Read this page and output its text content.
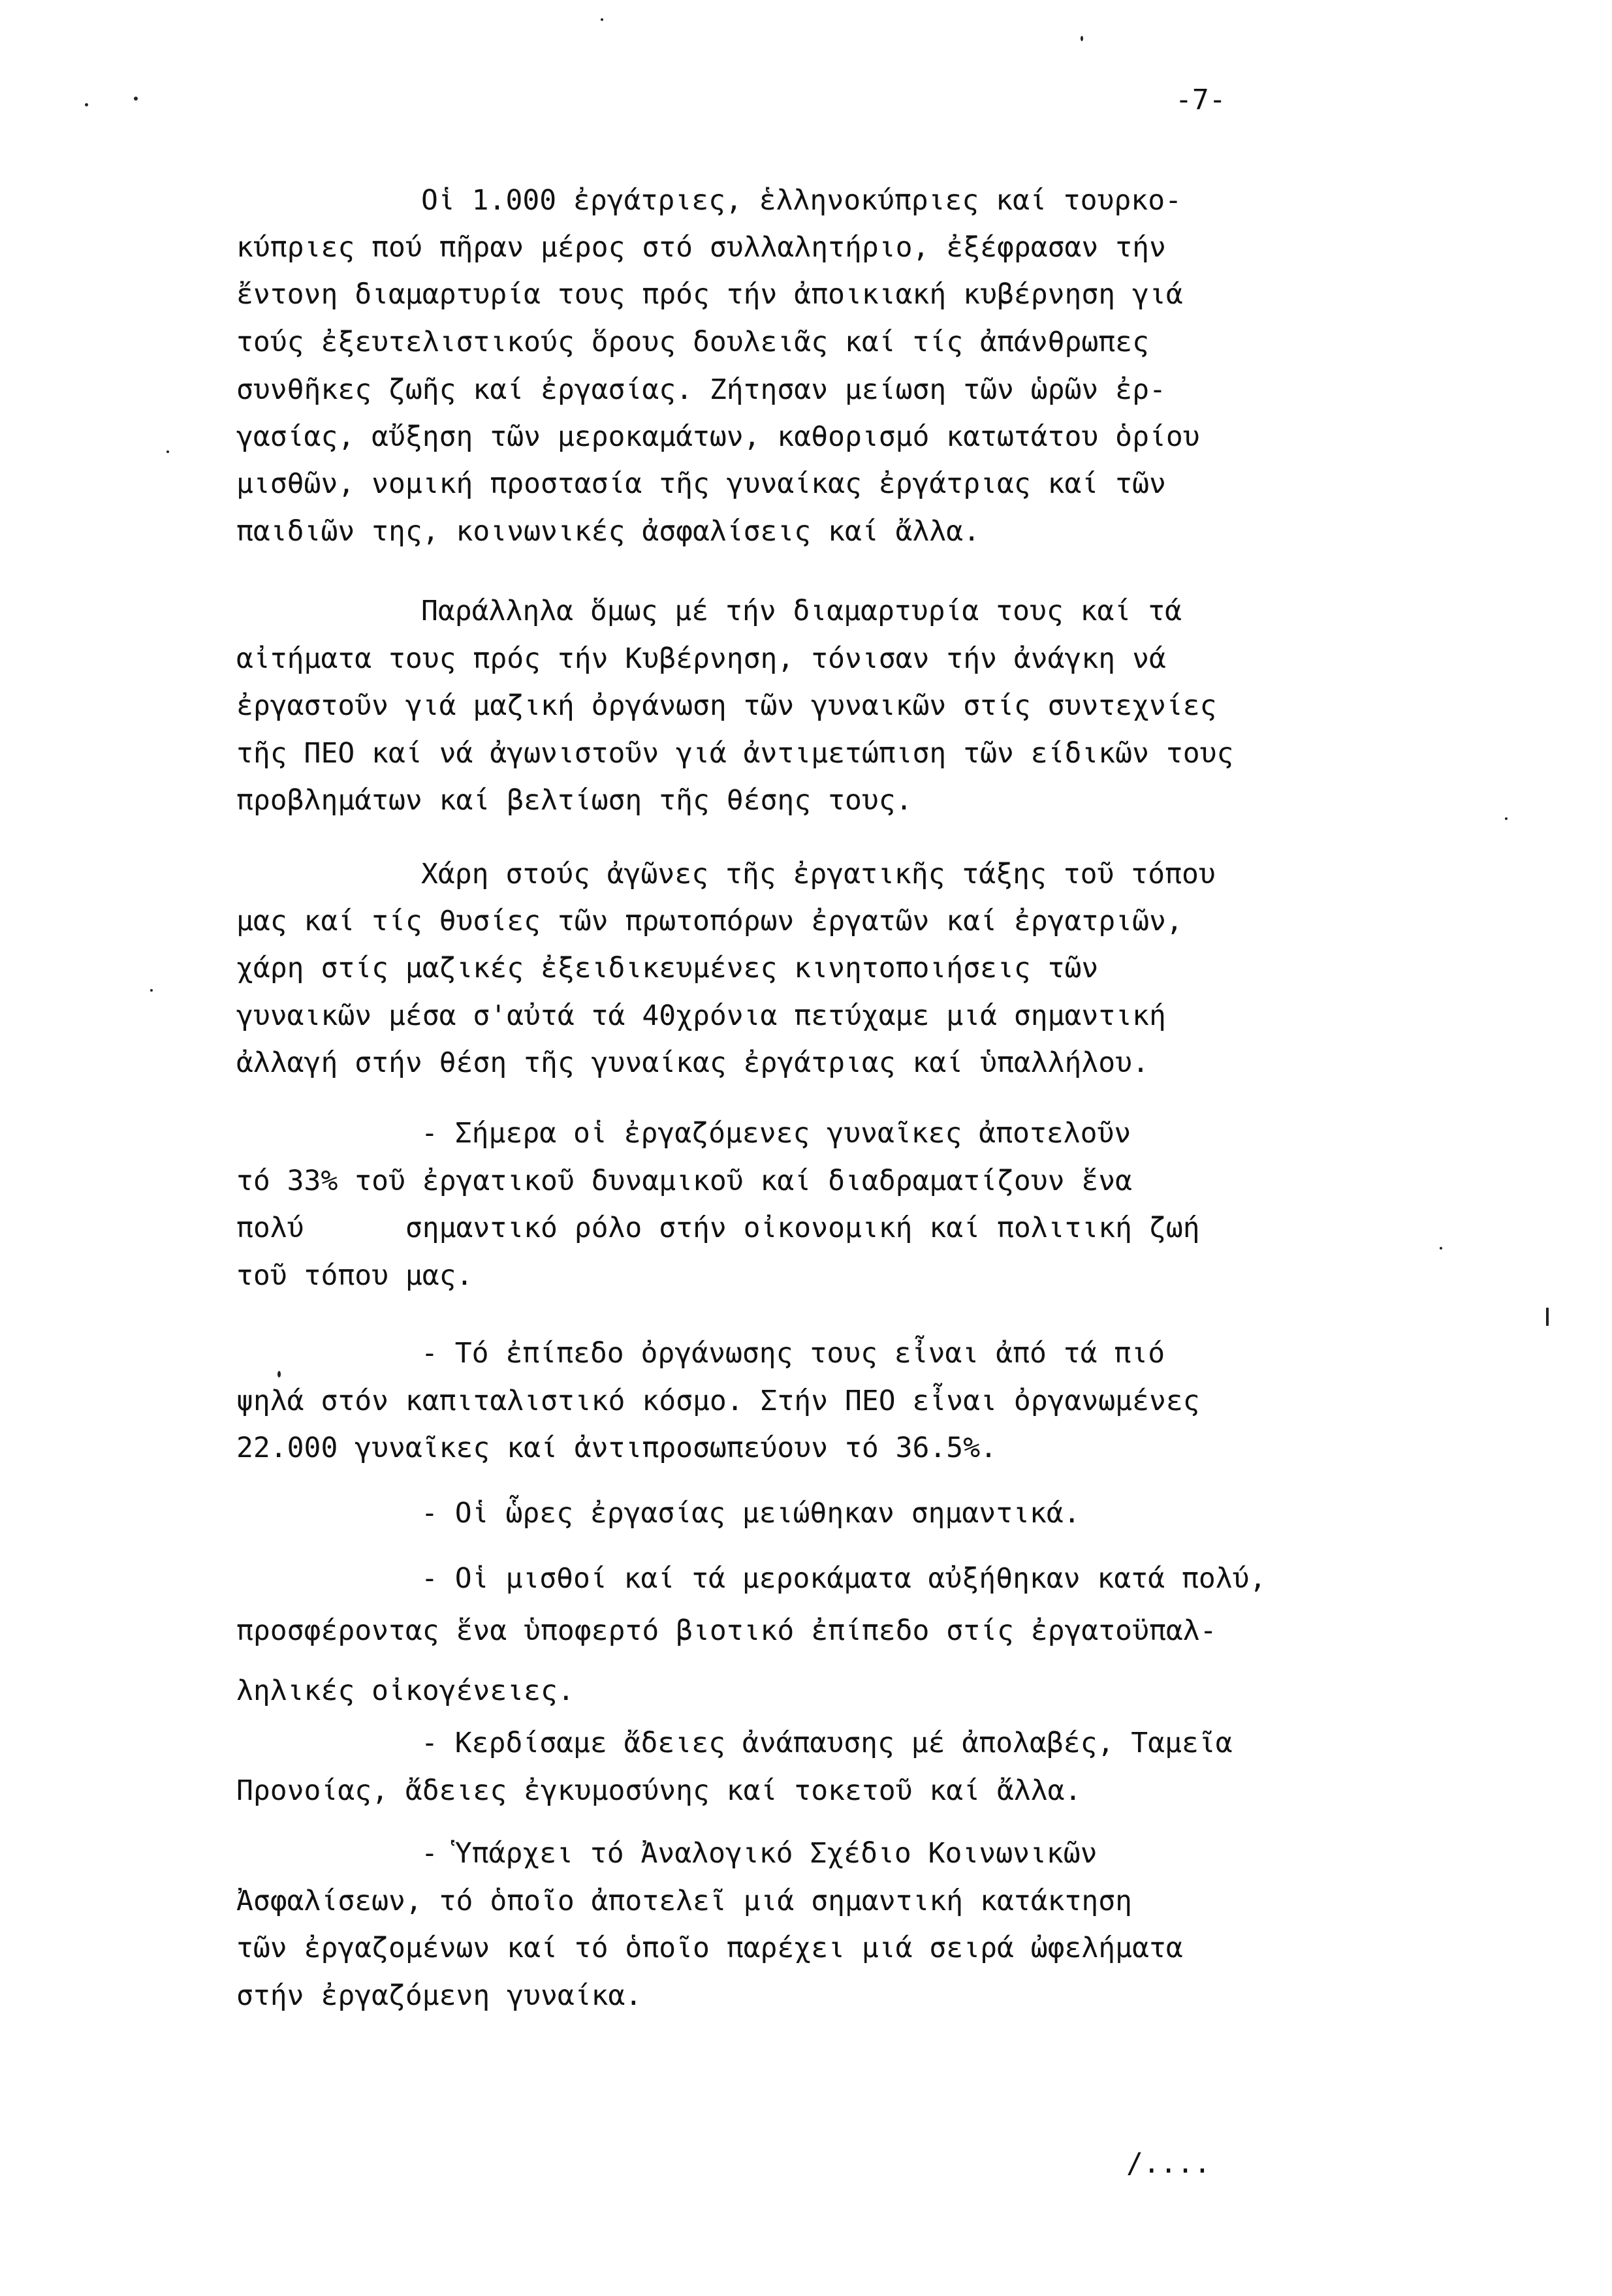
-7-
Οἱ 1.000 ἐργάτριες, ἑλληνοκύπριες καί τουρκο-
κύπριες πού πῆραν μέρος στό συλλαλητήριο, ἐξέφρασαν τήν
ἔντονη διαμαρτυρία τους πρός τήν ἀποικιακή κυβέρνηση γιά
τούς ἐξευτελιστικούς ὅρους δουλειᾶς καί τίς ἀπάνθρωπες
συνθῆκες ζωῆς καί ἐργασίας. Ζήτησαν μείωση τῶν ὡρῶν ἐρ-
γασίας, αὔξηση τῶν μεροκαμάτων, καθορισμό κατωτάτου ὁρίου
μισθῶν, νομική προστασία τῆς γυναίκας ἐργάτριας καί τῶν
παιδιῶν της, κοινωνικές ἀσφαλίσεις καί ἄλλα.
Παράλληλα ὅμως μέ τήν διαμαρτυρία τους καί τά
αἰτήματα τους πρός τήν Κυβέρνηση, τόνισαν τήν ἀνάγκη νά
ἐργαστοῦν γιά μαζική ὀργάνωση τῶν γυναικῶν στίς συντεχνίες
τῆς ΠΕΟ καί νά ἀγωνιστοῦν γιά ἀντιμετώπιση τῶν είδικῶν τους
προβλημάτων καί βελτίωση τῆς θέσης τους.
Χάρη στούς ἀγῶνες τῆς ἐργατικῆς τάξης τοῦ τόπου
μας καί τίς θυσίες τῶν πρωτοπόρων ἐργατῶν καί ἐργατριῶν,
χάρη στίς μαζικές ἐξειδικευμένες κινητοποιήσεις τῶν
γυναικῶν μέσα σ'αὐτά τά 40χρόνια πετύχαμε μιά σημαντική
ἀλλαγή στήν θέση τῆς γυναίκας ἐργάτριας καί ὑπαλλήλου.
- Σήμερα οἱ ἐργαζόμενες γυναῖκες ἀποτελοῦν
τό 33% τοῦ ἐργατικοῦ δυναμικοῦ καί διαδραματίζουν ἕνα
πολύ      σημαντικό ρόλο στήν οἰκονομική καί πολιτική ζωή
τοῦ τόπου μας.
- Τό ἐπίπεδο ὀργάνωσης τους εἶναι ἀπό τά πιό
ψηλά στόν καπιταλιστικό κόσμο. Στήν ΠΕΟ εἶναι ὀργανωμένες
22.000 γυναῖκες καί ἀντιπροσωπεύουν τό 36.5%.
- Οἱ ὧρες ἐργασίας μειώθηκαν σημαντικά.
- Οἱ μισθοί καί τά μεροκάματα αὐξήθηκαν κατά πολύ,
προσφέροντας ἕνα ὑποφερτό βιοτικό ἐπίπεδο στίς ἐργατοϋπαλ-
ληλικές οἰκογένειες.
- Κερδίσαμε ἄδειες ἀνάπαυσης μέ ἀπολαβές, Ταμεῖα
Προνοίας, ἄδειες ἐγκυμοσύνης καί τοκετοῦ καί ἄλλα.
- Ὑπάρχει τό Ἀναλογικό Σχέδιο Κοινωνικῶν
Ἀσφαλίσεων, τό ὁποῖο ἀποτελεῖ μιά σημαντική κατάκτηση
τῶν ἐργαζομένων καί τό ὁποῖο παρέχει μιά σειρά ὠφελήματα
στήν ἐργαζόμενη γυναίκα.
/....
